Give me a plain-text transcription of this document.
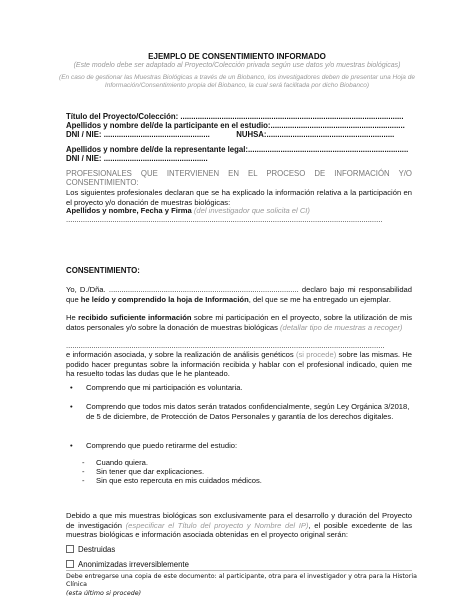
EJEMPLO DE CONSENTIMIENTO INFORMADO
(Este modelo debe ser adaptado al Proyecto/Colección privada según use datos y/o muestras biológicas)
(En caso de gestionar las Muestras Biológicas a través de un Biobanco, los investigadores deben de presentar una Hoja de Información/Consentimiento propia del Biobanco, la cual será facilitada por dicho Biobanco)
Título del Proyecto/Colección: .......................................................................................................
Apellidos y nombre del/de la participante en el estudio:..............................................................
DNI / NIE: .................................................	NUHSA:...........................................................
Apellidos y nombre del/de la representante legal:..........................................................................
DNI / NIE: ................................................
PROFESIONALES QUE INTERVIENEN EN EL PROCESO DE INFORMACIÓN Y/O CONSENTIMIENTO:
Los siguientes profesionales declaran que se ha explicado la información relativa a la participación en el proyecto y/o donación de muestras biológicas:
Apellidos y nombre, Fecha y Firma (del investigador que solicita el CI)
......................................................................................................................................................
CONSENTIMIENTO:
Yo, D./Dña. .......................................................................................... declaro bajo mi responsabilidad que he leído y comprendido la hoja de Información, del que se me ha entregado un ejemplar.
He recibido suficiente información sobre mi participación en el proyecto, sobre la utilización de mis datos personales y/o sobre la donación de muestras biológicas (detallar tipo de muestras a recoger)
.......................................................................................................................................................
e información asociada, y sobre la realización de análisis genéticos (si procede) sobre las mismas. He podido hacer preguntas sobre la información recibida y hablar con el profesional indicado, quien me ha resuelto todas las dudas que le he planteado.
• Comprendo que mi participación es voluntaria.
• Comprendo que todos mis datos serán tratados confidencialmente, según Ley Orgánica 3/2018, de 5 de diciembre, de Protección de Datos Personales y garantía de los derechos digitales.
• Comprendo que puedo retirarme del estudio:
- Cuando quiera.
- Sin tener que dar explicaciones.
- Sin que esto repercuta en mis cuidados médicos.
Debido a que mis muestras biológicas son exclusivamente para el desarrollo y duración del Proyecto de investigación (especificar el Título del proyecto y Nombre del IP), el posible excedente de las muestras biológicas e información asociada obtenidas en el proyecto original serán:
Destruidas
Anonimizadas irreversiblemente
Debe entregarse una copia de este documento: al participante, otra para el investigador y otra para la Historia Clínica
(esta último si procede)
